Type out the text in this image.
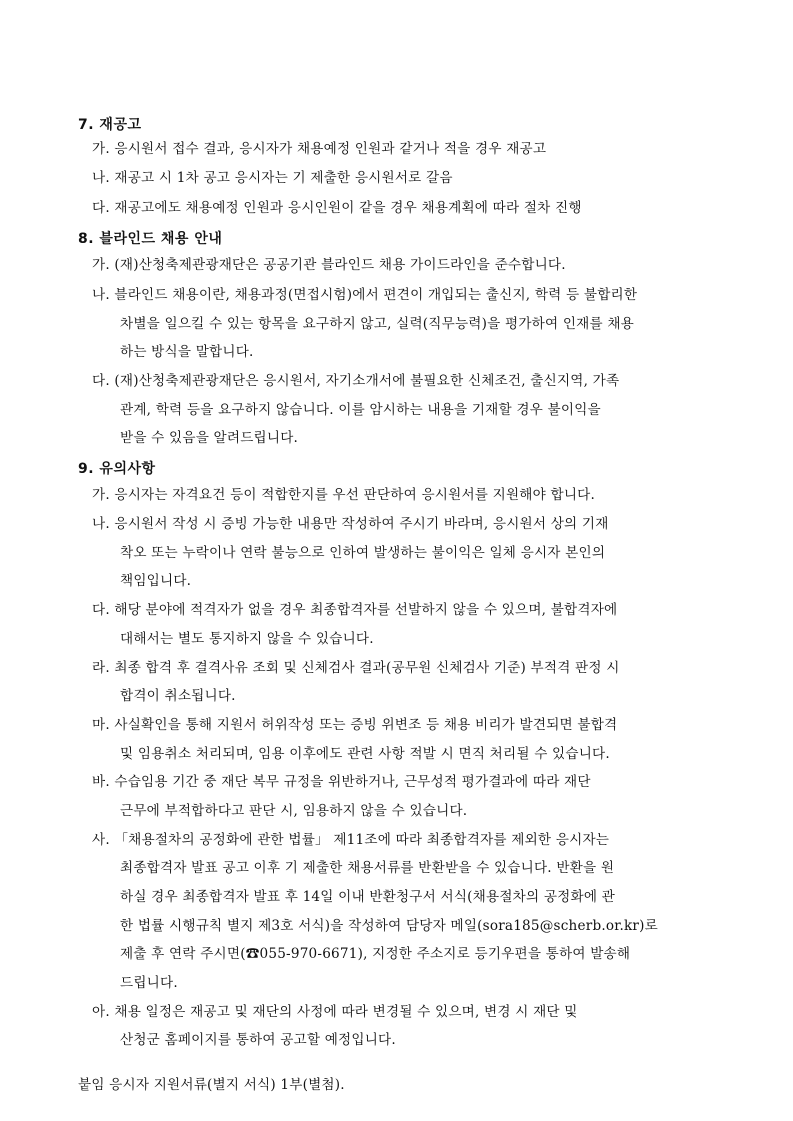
7. 재공고
가. 응시원서 접수 결과, 응시자가 채용예정 인원과 같거나 적을 경우 재공고
나. 재공고 시 1차 공고 응시자는 기 제출한 응시원서로 갈음
다. 재공고에도 채용예정 인원과 응시인원이 같을 경우 채용계획에 따라 절차 진행
8. 블라인드 채용 안내
가. (재)산청축제관광재단은 공공기관 블라인드 채용 가이드라인을 준수합니다.
나. 블라인드 채용이란, 채용과정(면접시험)에서 편견이 개입되는 출신지, 학력 등 불합리한
차별을 일으킬 수 있는 항목을 요구하지 않고, 실력(직무능력)을 평가하여 인재를 채용
하는 방식을 말합니다.
다. (재)산청축제관광재단은 응시원서, 자기소개서에 불필요한 신체조건, 출신지역, 가족
관계, 학력 등을 요구하지 않습니다. 이를 암시하는 내용을 기재할 경우 불이익을
받을 수 있음을 알려드립니다.
9. 유의사항
가. 응시자는 자격요건 등이 적합한지를 우선 판단하여 응시원서를 지원해야 합니다.
나. 응시원서 작성 시 증빙 가능한 내용만 작성하여 주시기 바라며, 응시원서 상의 기재
착오 또는 누락이나 연락 불능으로 인하여 발생하는 불이익은 일체 응시자 본인의
책임입니다.
다. 해당 분야에 적격자가 없을 경우 최종합격자를 선발하지 않을 수 있으며, 불합격자에
대해서는 별도 통지하지 않을 수 있습니다.
라. 최종 합격 후 결격사유 조회 및 신체검사 결과(공무원 신체검사 기준) 부적격 판정 시
합격이 취소됩니다.
마. 사실확인을 통해 지원서 허위작성 또는 증빙 위변조 등 채용 비리가 발견되면 불합격
및 임용취소 처리되며, 임용 이후에도 관련 사항 적발 시 면직 처리될 수 있습니다.
바. 수습임용 기간 중 재단 복무 규정을 위반하거나, 근무성적 평가결과에 따라 재단
근무에 부적합하다고 판단 시, 임용하지 않을 수 있습니다.
사. 「채용절차의 공정화에 관한 법률」 제11조에 따라 최종합격자를 제외한 응시자는
최종합격자 발표 공고 이후 기 제출한 채용서류를 반환받을 수 있습니다. 반환을 원
하실 경우 최종합격자 발표 후 14일 이내 반환청구서 서식(채용절차의 공정화에 관
한 법률 시행규칙 별지 제3호 서식)을 작성하여 담당자 메일(sora185@scherb.or.kr)로
제출 후 연락 주시면(☎055-970-6671), 지정한 주소지로 등기우편을 통하여 발송해
드립니다.
아. 채용 일정은 재공고 및 재단의 사정에 따라 변경될 수 있으며, 변경 시 재단 및
산청군 홈페이지를 통하여 공고할 예정입니다.
붙임 응시자 지원서류(별지 서식) 1부(별첨).
